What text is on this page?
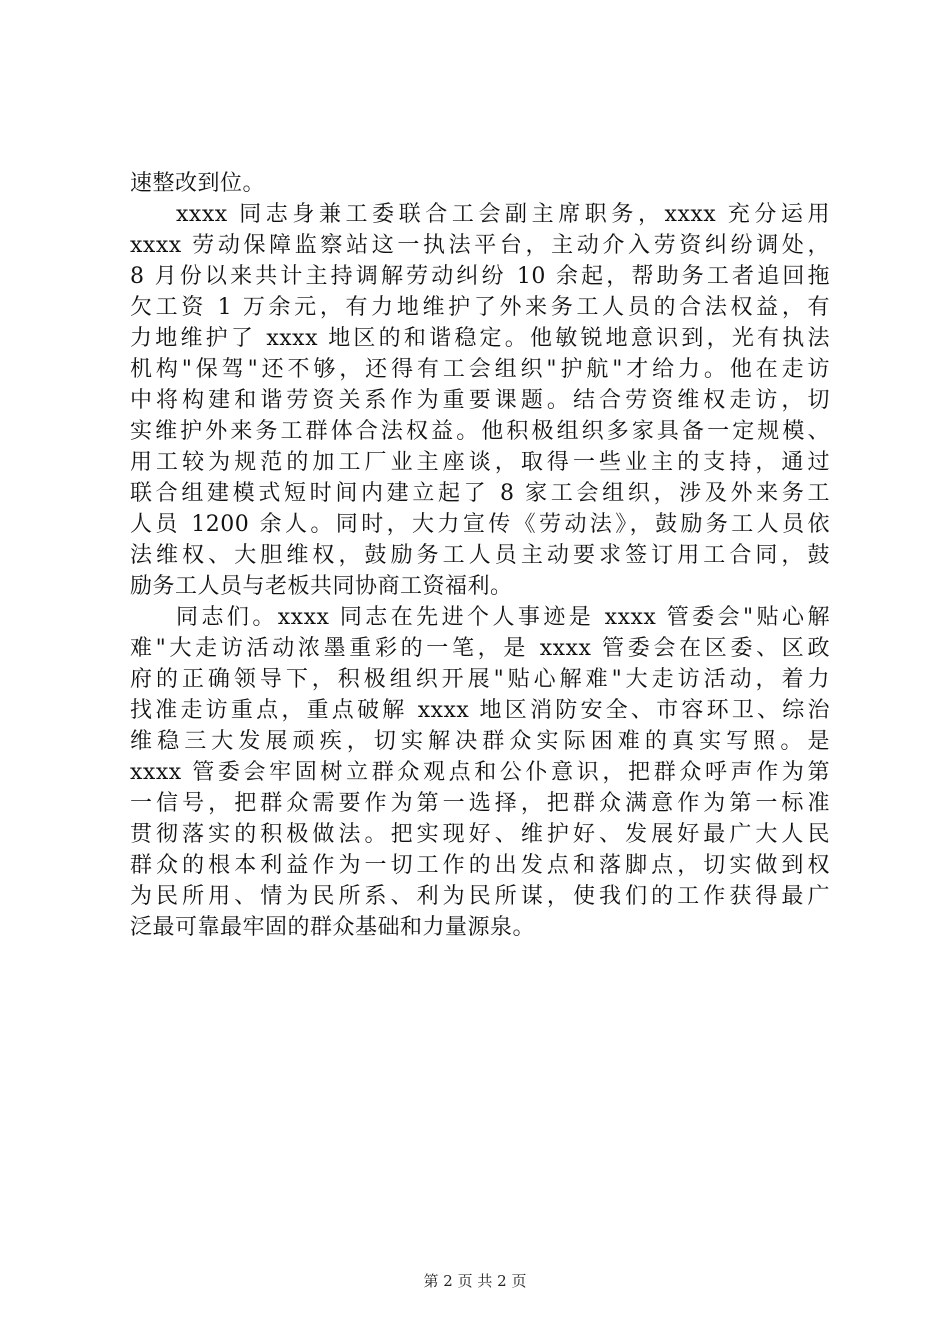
速整改到位。
xxxx 同志身兼工委联合工会副主席职务，xxxx 充分运用
xxxx 劳动保障监察站这一执法平台，主动介入劳资纠纷调处，
8 月份以来共计主持调解劳动纠纷 10 余起，帮助务工者追回拖
欠工资 1 万余元，有力地维护了外来务工人员的合法权益，有
力地维护了 xxxx 地区的和谐稳定。他敏锐地意识到，光有执法
机构"保驾"还不够，还得有工会组织"护航"才给力。他在走访
中将构建和谐劳资关系作为重要课题。结合劳资维权走访，切
实维护外来务工群体合法权益。他积极组织多家具备一定规模、
用工较为规范的加工厂业主座谈，取得一些业主的支持，通过
联合组建模式短时间内建立起了 8 家工会组织，涉及外来务工
人员 1200 余人。同时，大力宣传《劳动法》，鼓励务工人员依
法维权、大胆维权，鼓励务工人员主动要求签订用工合同，鼓
励务工人员与老板共同协商工资福利。
同志们。xxxx 同志在先进个人事迹是 xxxx 管委会"贴心解
难"大走访活动浓墨重彩的一笔，是 xxxx 管委会在区委、区政
府的正确领导下，积极组织开展"贴心解难"大走访活动，着力
找准走访重点，重点破解 xxxx 地区消防安全、市容环卫、综治
维稳三大发展顽疾，切实解决群众实际困难的真实写照。是
xxxx 管委会牢固树立群众观点和公仆意识，把群众呼声作为第
一信号，把群众需要作为第一选择，把群众满意作为第一标准
贯彻落实的积极做法。把实现好、维护好、发展好最广大人民
群众的根本利益作为一切工作的出发点和落脚点，切实做到权
为民所用、情为民所系、利为民所谋，使我们的工作获得最广
泛最可靠最牢固的群众基础和力量源泉。
第 2 页 共 2 页
